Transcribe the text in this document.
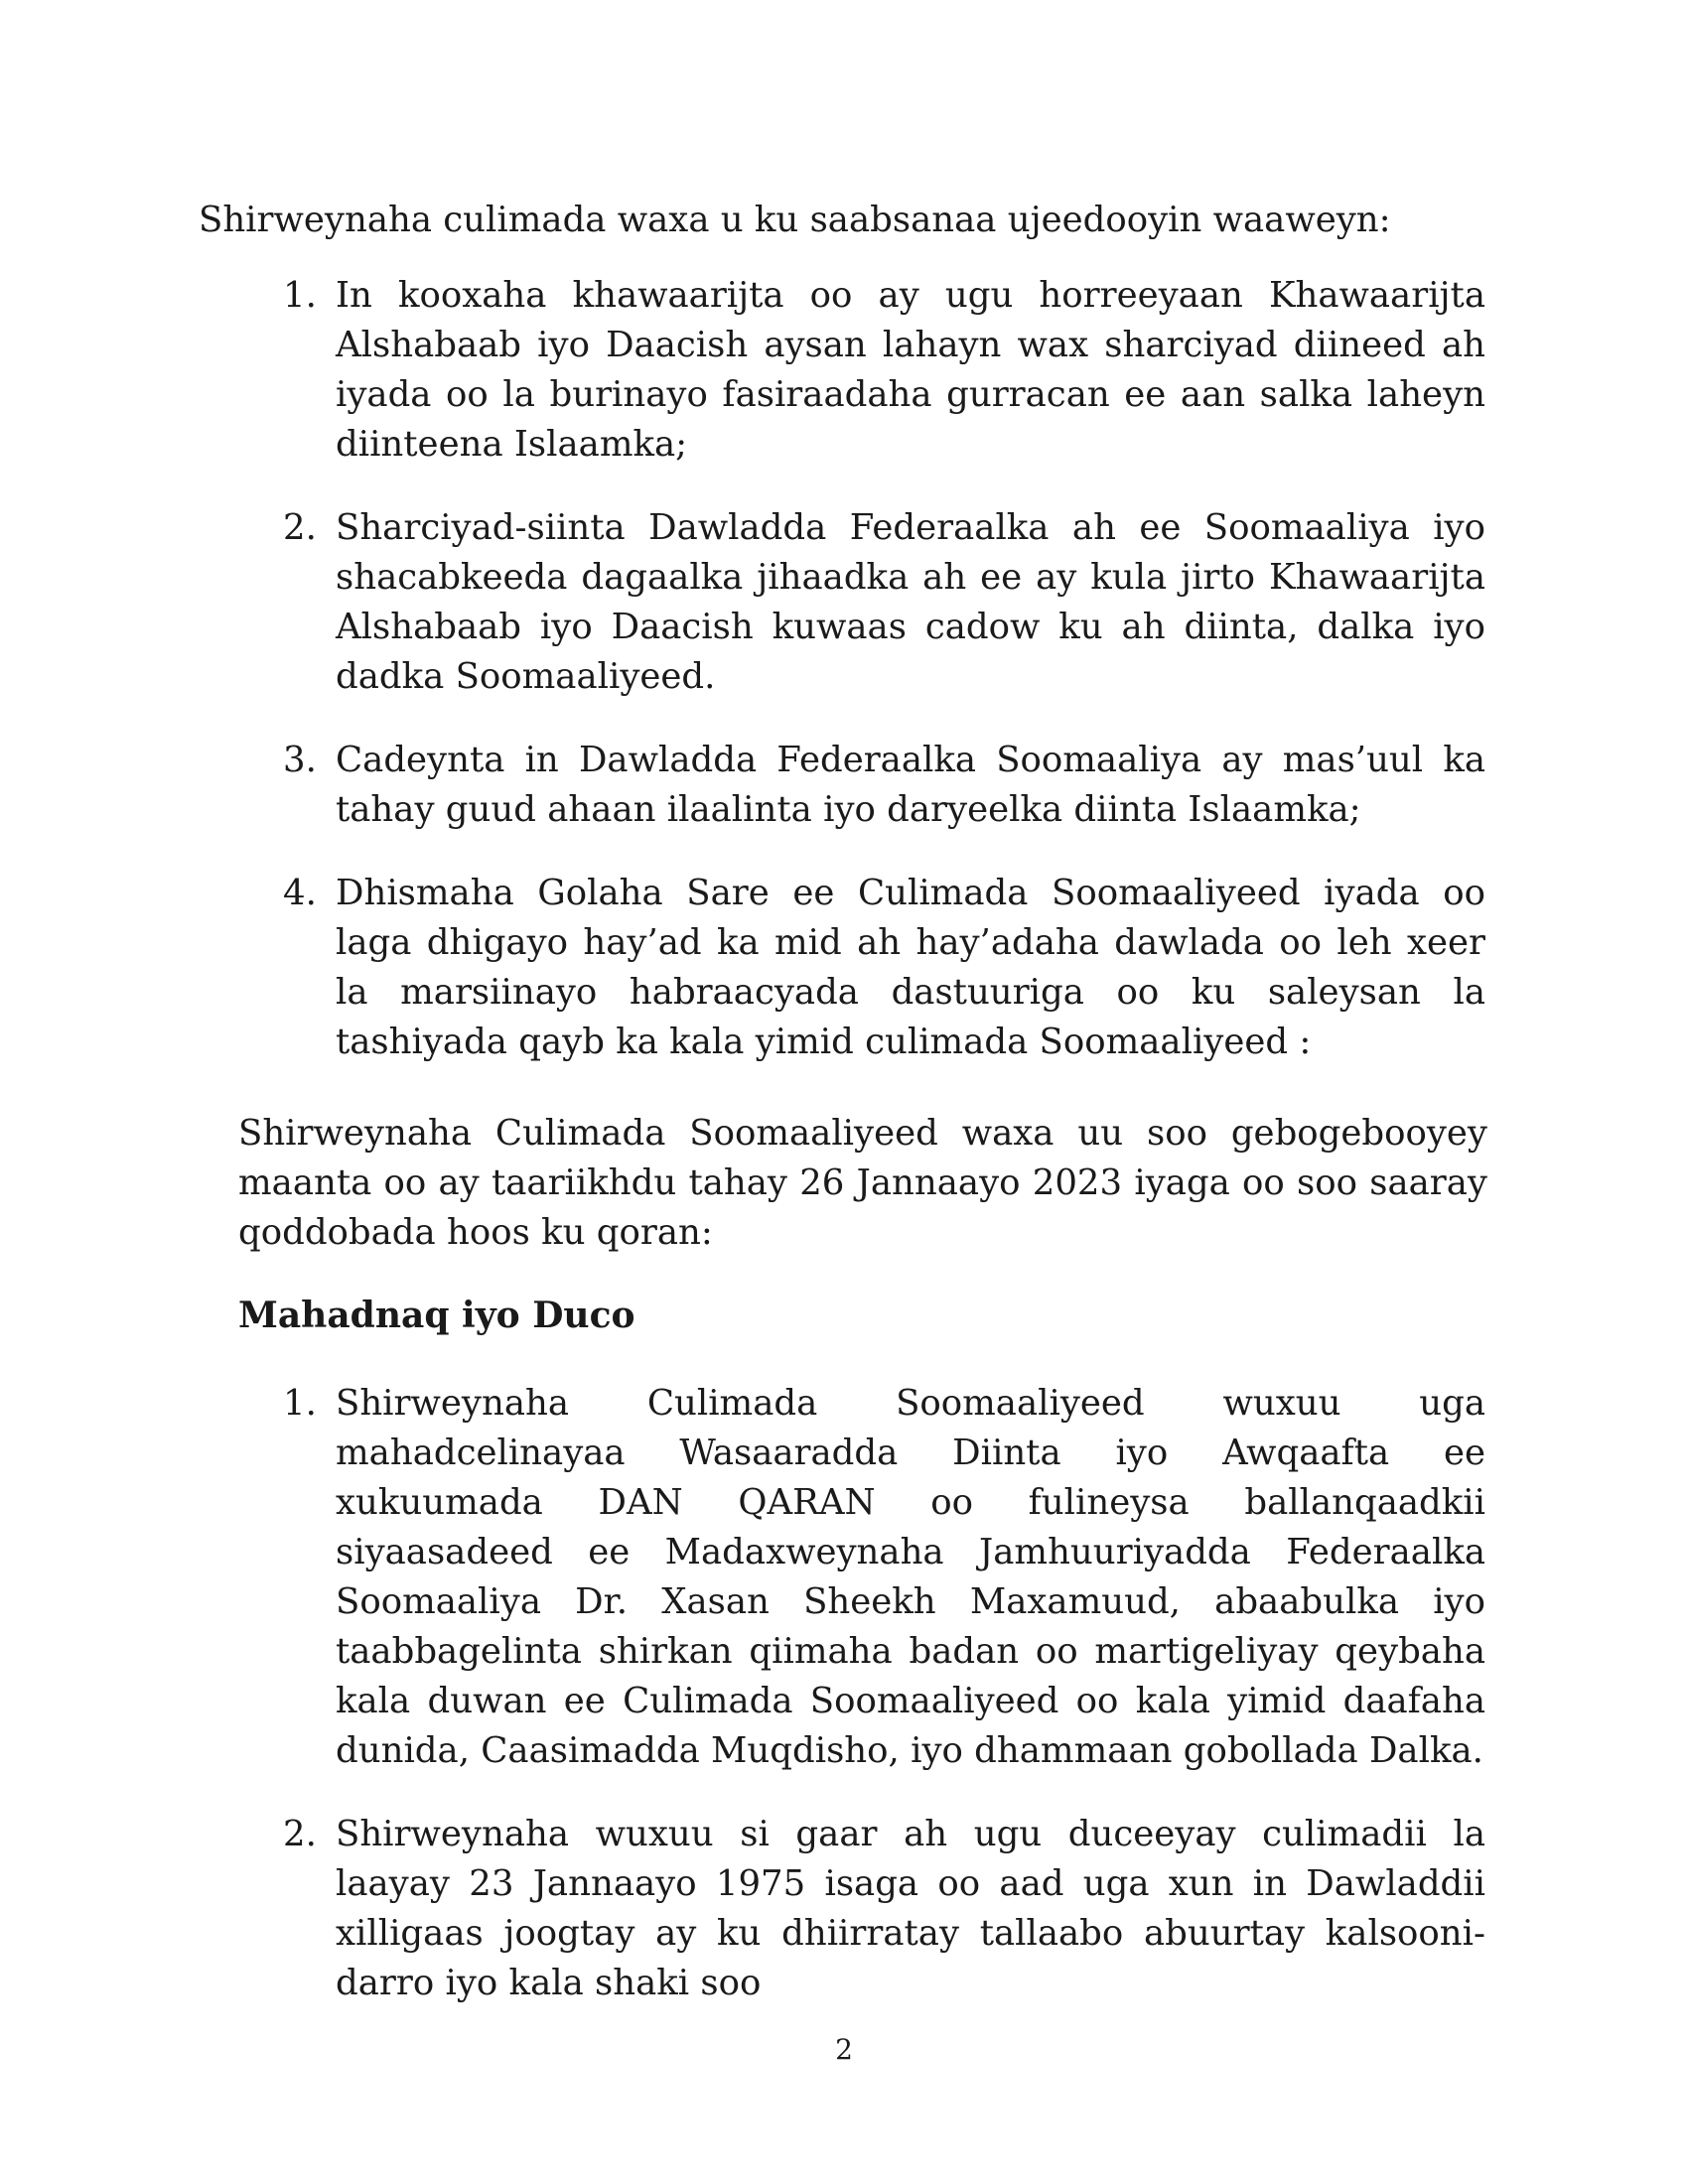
Shirweynaha culimada waxa u ku saabsanaa ujeedooyin waaweyn:

1. In kooxaha khawaarijta oo ay ugu horreeyaan Khawaarijta Alshabaab iyo Daacish aysan lahayn wax sharciyad diineed ah iyada oo la burinayo fasiraadaha gurracan ee aan salka laheyn diinteena Islaamka;
2. Sharciyad-siinta Dawladda Federaalka ah ee Soomaaliya iyo shacabkeeda dagaalka jihaadka ah ee ay kula jirto Khawaarijta Alshabaab iyo Daacish kuwaas cadow ku ah diinta, dalka iyo dadka Soomaaliyeed.
3. Cadeynta in Dawladda Federaalka Soomaaliya ay mas’uul ka tahay guud ahaan ilaalinta iyo daryeelka diinta Islaamka;
4. Dhismaha Golaha Sare ee Culimada Soomaaliyeed iyada oo laga dhigayo hay’ad ka mid ah hay’adaha dawlada oo leh xeer la marsiinayo habraacyada dastuuriga oo ku saleysan la tashiyada qayb ka kala yimid culimada Soomaaliyeed :

Shirweynaha Culimada Soomaaliyeed waxa uu soo gebogebooyey maanta oo ay taariikhdu tahay 26 Jannaayo 2023 iyaga oo soo saaray qoddobada hoos ku qoran:

Mahadnaq iyo Duco
1. Shirweynaha Culimada Soomaaliyeed wuxuu uga mahadcelinayaa Wasaaradda Diinta iyo Awqaafta ee xukuumada DAN QARAN oo fulineysa ballanqaadkii siyaasadeed ee Madaxweynaha Jamhuuriyadda Federaalka Soomaaliya Dr. Xasan Sheekh Maxamuud, abaabulka iyo taabbagelinta shirkan qiimaha badan oo martigeliyay qeybaha kala duwan ee Culimada Soomaaliyeed oo kala yimid daafaha dunida, Caasimadda Muqdisho, iyo dhammaan gobollada Dalka.
2. Shirweynaha wuxuu si gaar ah ugu duceeyay culimadii la laayay 23 Jannaayo 1975 isaga oo aad uga xun in Dawladdii xilligaas joogtay ay ku dhiirratay tallaabo abuurtay kalsooni-darro iyo kala shaki soo
2
